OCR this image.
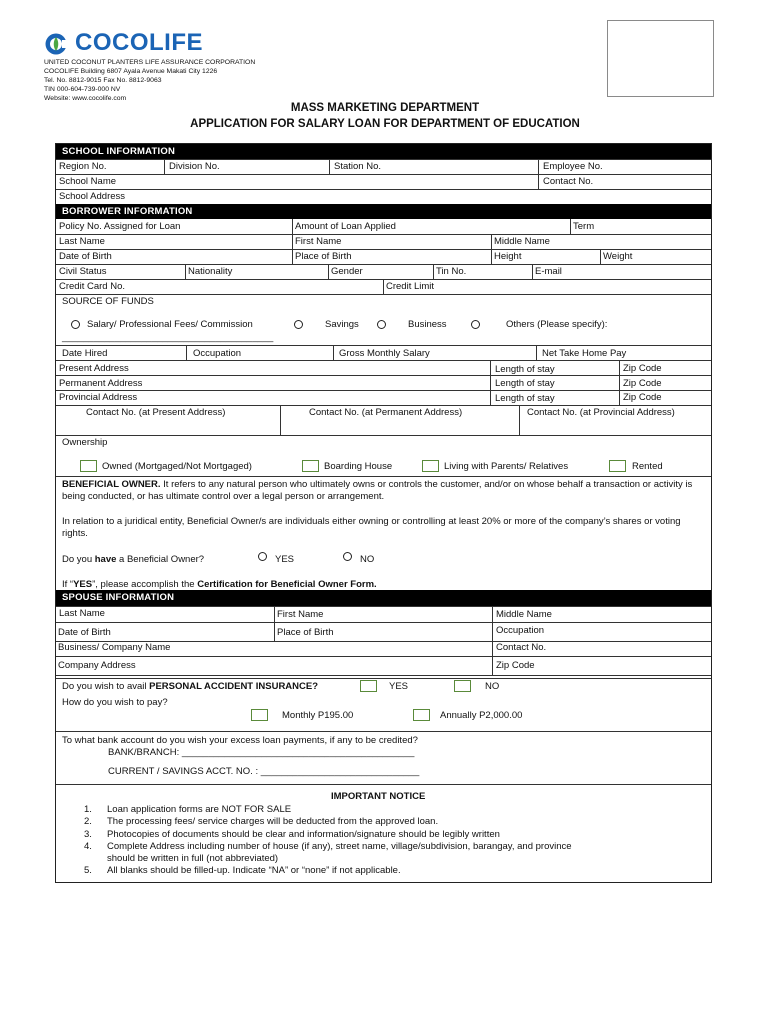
COCOLIFE
UNITED COCONUT PLANTERS LIFE ASSURANCE CORPORATION
COCOLIFE Building 6807 Ayala Avenue Makati City 1226
Tel. No. 8812-9015 Fax No. 8812-9063
TIN 000-604-739-000 NV
Website: www.cocolife.com
MASS MARKETING DEPARTMENT
APPLICATION FOR SALARY LOAN FOR DEPARTMENT OF EDUCATION
SCHOOL INFORMATION
Region No.	Division No.	Station No.	Employee No.
School Name	Contact No.
School Address
BORROWER INFORMATION
Policy No. Assigned for Loan	Amount of Loan Applied	Term
Last Name	First Name	Middle Name
Date of Birth	Place of Birth	Height	Weight
Civil Status	Nationality	Gender	Tin No.	E-mail
Credit Card No.	Credit Limit
SOURCE OF FUNDS
Salary/ Professional Fees/ Commission	Savings	Business	Others (Please specify):
________________________________________
Date Hired	Occupation	Gross Monthly Salary	Net Take Home Pay
Present Address	Length of stay	Zip Code
Permanent Address	Length of stay	Zip Code
Provincial Address	Length of stay	Zip Code
Contact No. (at Present Address)	Contact No. (at Permanent Address)	Contact No. (at Provincial Address)
Ownership
Owned (Mortgaged/Not Mortgaged)	Boarding House	Living with Parents/ Relatives	Rented
BENEFICIAL OWNER. It refers to any natural person who ultimately owns or controls the customer, and/or on whose behalf a transaction or activity is being conducted, or has ultimate control over a legal person or arrangement.
In relation to a juridical entity, Beneficial Owner/s are individuals either owning or controlling at least 20% or more of the company’s shares or voting rights.
Do you have a Beneficial Owner?	YES	NO
If “YES”, please accomplish the Certification for Beneficial Owner Form.
SPOUSE INFORMATION
Last Name	First Name	Middle Name
Date of Birth	Place of Birth	Occupation
Business/ Company Name	Contact No.
Company Address	Zip Code
Do you wish to avail PERSONAL ACCIDENT INSURANCE?	YES	NO
How do you wish to pay?
Monthly P195.00	Annually P2,000.00
To what bank account do you wish your excess loan payments, if any to be credited?
BANK/BRANCH: ____________________________________________
CURRENT / SAVINGS ACCT. NO. : ______________________________
IMPORTANT NOTICE
1. Loan application forms are NOT FOR SALE
2. The processing fees/ service charges will be deducted from the approved loan.
3. Photocopies of documents should be clear and information/signature should be legibly written
4. Complete Address including number of house (if any), street name, village/subdivision, barangay, and province
should be written in full (not abbreviated)
5. All blanks should be filled-up. Indicate “NA” or “none” if not applicable.
